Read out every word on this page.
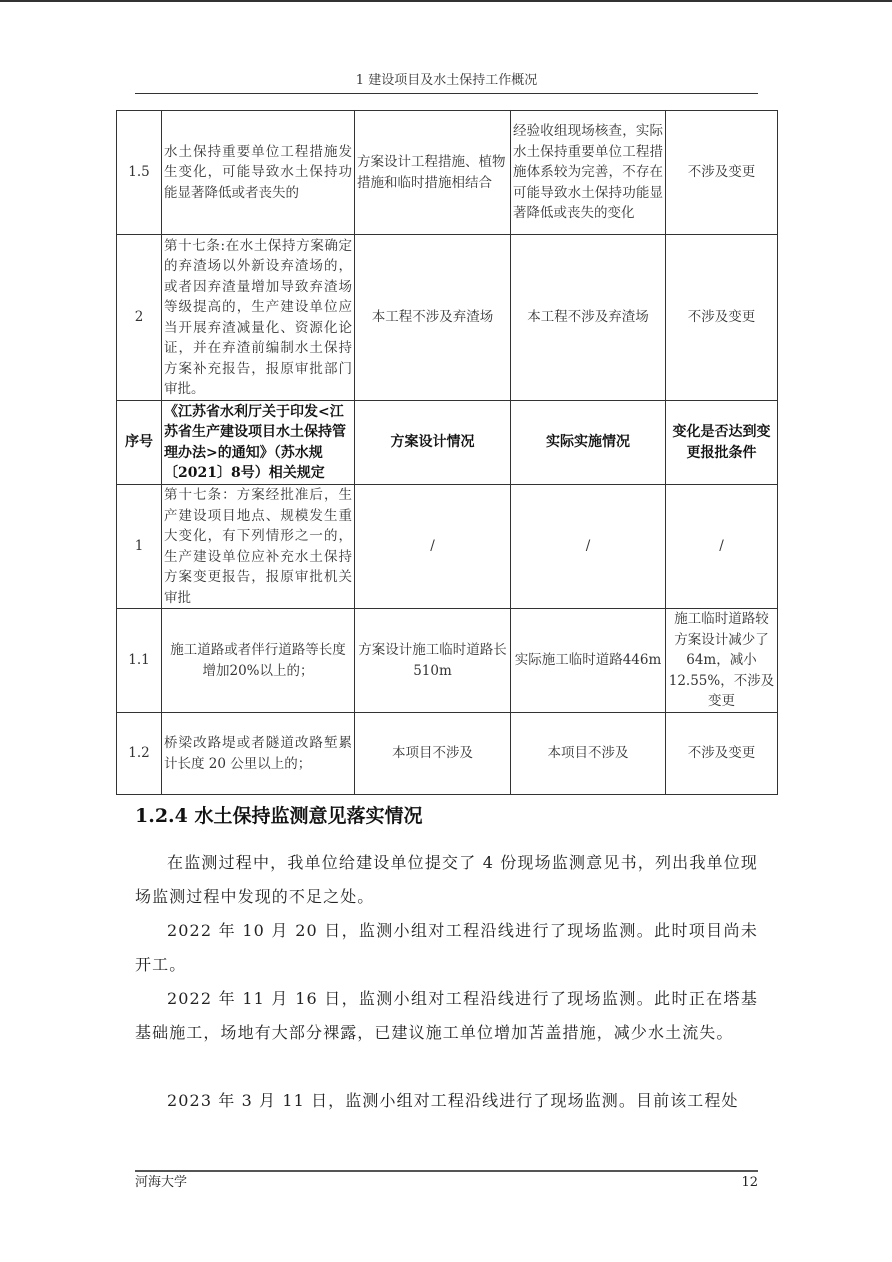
1 建设项目及水土保持工作概况
1.5	水土保持重要单位工程措施发生变化，可能导致水土保持功能显著降低或者丧失的	方案设计工程措施、植物措施和临时措施相结合	经验收组现场核查，实际水土保持重要单位工程措施体系较为完善，不存在可能导致水土保持功能显著降低或丧失的变化	不涉及变更
2	第十七条:在水土保持方案确定的弃渣场以外新设弃渣场的，或者因弃渣量增加导致弃渣场等级提高的，生产建设单位应当开展弃渣减量化、资源化论证，并在弃渣前编制水土保持方案补充报告，报原审批部门审批。	本工程不涉及弃渣场	本工程不涉及弃渣场	不涉及变更
序号	《江苏省水利厅关于印发<江苏省生产建设项目水土保持管理办法>的通知》（苏水规〔2021〕8号）相关规定	方案设计情况	实际实施情况	变化是否达到变更报批条件
1	第十七条：方案经批准后，生产建设项目地点、规模发生重大变化，有下列情形之一的，生产建设单位应补充水土保持方案变更报告，报原审批机关审批	/	/	/
1.1	施工道路或者伴行道路等长度增加20%以上的；	方案设计施工临时道路长 510m	实际施工临时道路446m	施工临时道路较方案设计减少了 64m，减小12.55%，不涉及变更
1.2	桥梁改路堤或者隧道改路堑累计长度 20 公里以上的；	本项目不涉及	本项目不涉及	不涉及变更
1.2.4 水土保持监测意见落实情况
在监测过程中，我单位给建设单位提交了 4 份现场监测意见书，列出我单位现场监测过程中发现的不足之处。
2022 年 10 月 20 日，监测小组对工程沿线进行了现场监测。此时项目尚未开工。
2022 年 11 月 16 日，监测小组对工程沿线进行了现场监测。此时正在塔基基础施工，场地有大部分裸露，已建议施工单位增加苫盖措施，减少水土流失。
2023 年 3 月 11 日，监测小组对工程沿线进行了现场监测。目前该工程处
河海大学	12
